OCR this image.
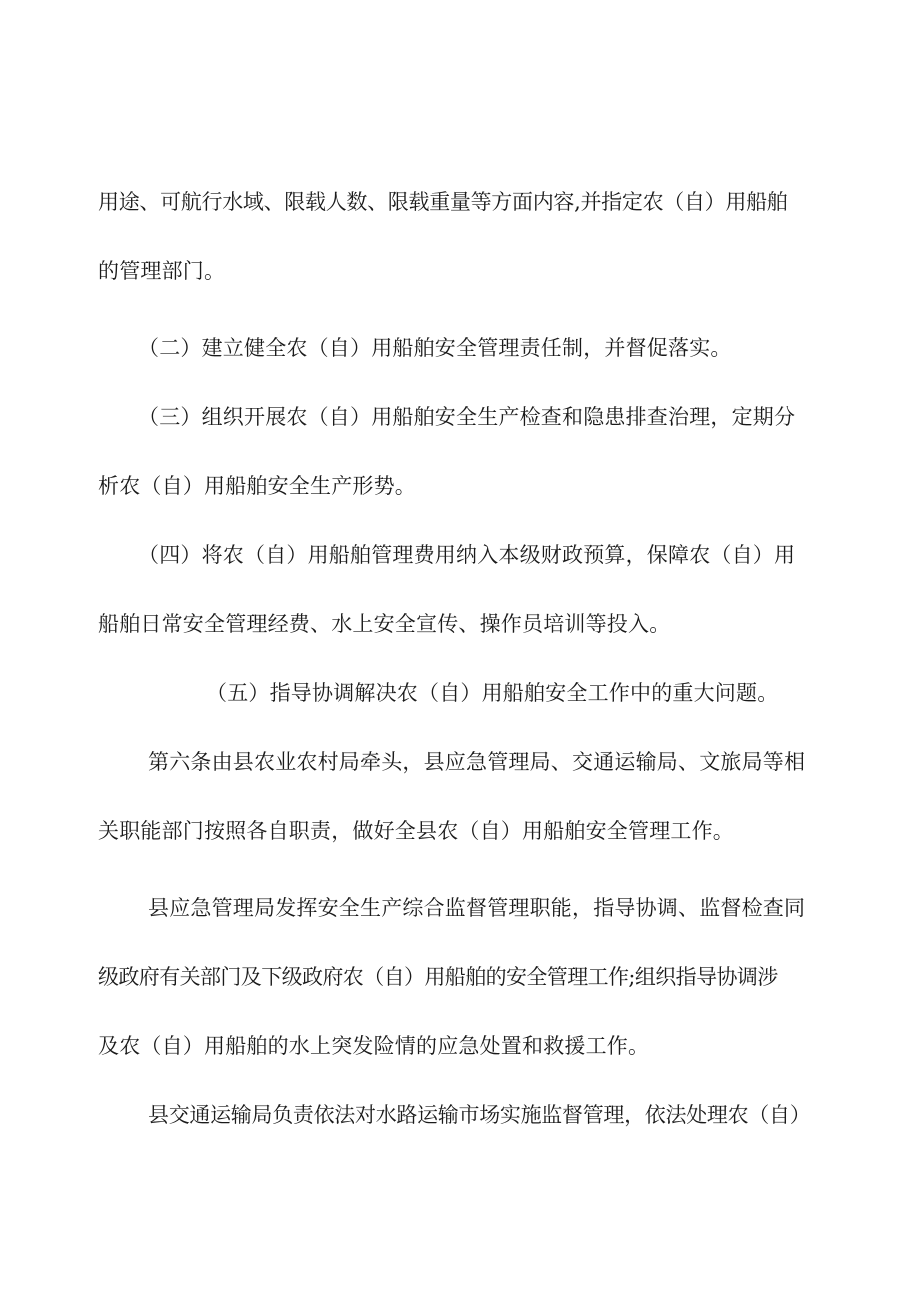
用途、可航行水域、限载人数、限载重量等方面内容,并指定农（自）用船舶
的管理部门。
（二）建立健全农（自）用船舶安全管理责任制，并督促落实。
（三）组织开展农（自）用船舶安全生产检查和隐患排查治理，定期分
析农（自）用船舶安全生产形势。
（四）将农（自）用船舶管理费用纳入本级财政预算，保障农（自）用
船舶日常安全管理经费、水上安全宣传、操作员培训等投入。
（五）指导协调解决农（自）用船舶安全工作中的重大问题。
第六条由县农业农村局牵头，县应急管理局、交通运输局、文旅局等相
关职能部门按照各自职责，做好全县农（自）用船舶安全管理工作。
县应急管理局发挥安全生产综合监督管理职能，指导协调、监督检查同
级政府有关部门及下级政府农（自）用船舶的安全管理工作;组织指导协调涉
及农（自）用船舶的水上突发险情的应急处置和救援工作。
县交通运输局负责依法对水路运输市场实施监督管理，依法处理农（自）
